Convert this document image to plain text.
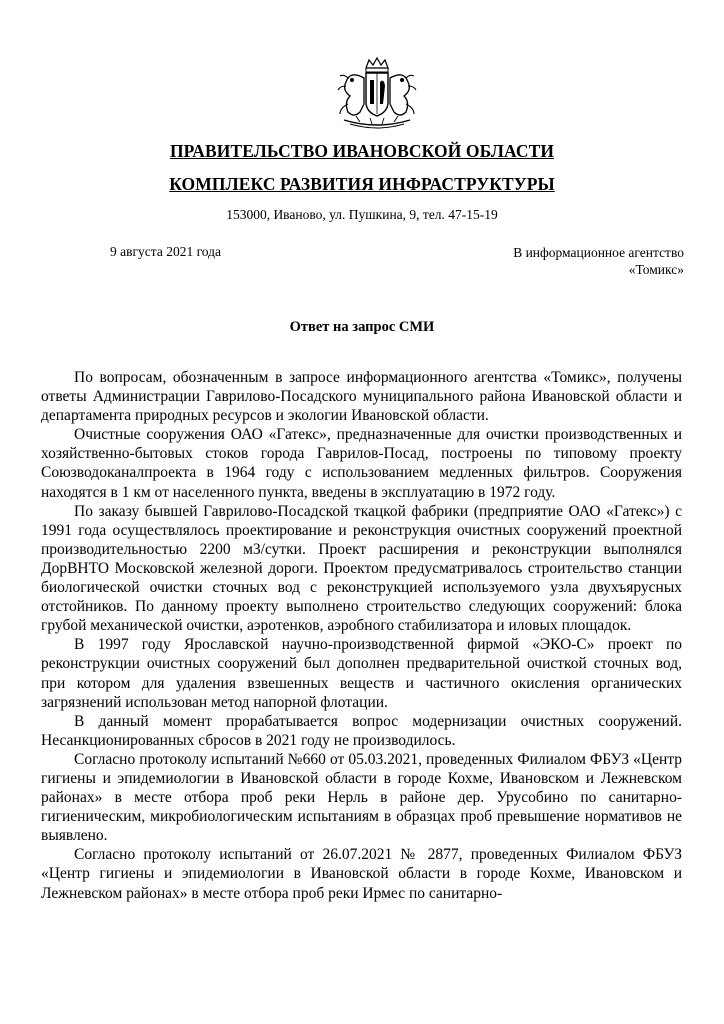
ПРАВИТЕЛЬСТВО ИВАНОВСКОЙ ОБЛАСТИ
КОМПЛЕКС РАЗВИТИЯ ИНФРАСТРУКТУРЫ
153000, Иваново, ул. Пушкина, 9, тел. 47-15-19
9 августа 2021 года	В информационное агентство
«Томикс»
Ответ на запрос СМИ

По вопросам, обозначенным в запросе информационного агентства «Томикс», получены ответы Администрации Гаврилово-Посадского муниципального района Ивановской области и департамента природных ресурсов и экологии Ивановской области.

Очистные сооружения ОАО «Гатекс», предназначенные для очистки производственных и хозяйственно-бытовых стоков города Гаврилов-Посад, построены по типовому проекту Союзводоканалпроекта в 1964 году с использованием медленных фильтров. Сооружения находятся в 1 км от населенного пункта, введены в эксплуатацию в 1972 году.

По заказу бывшей Гаврилово-Посадской ткацкой фабрики (предприятие ОАО «Гатекс») с 1991 года осуществлялось проектирование и реконструкция очистных сооружений проектной производительностью 2200 м3/сутки. Проект расширения и реконструкции выполнялся ДорВНТО Московской железной дороги. Проектом предусматривалось строительство станции биологической очистки сточных вод с реконструкцией используемого узла двухъярусных отстойников. По данному проекту выполнено строительство следующих сооружений: блока грубой механической очистки, аэротенков, аэробного стабилизатора и иловых площадок.

В 1997 году Ярославской научно-производственной фирмой «ЭКО-С» проект по реконструкции очистных сооружений был дополнен предварительной очисткой сточных вод, при котором для удаления взвешенных веществ и частичного окисления органических загрязнений использован метод напорной флотации.

В данный момент прорабатывается вопрос модернизации очистных сооружений. Несанкционированных сбросов в 2021 году не производилось.

Согласно протоколу испытаний №660 от 05.03.2021, проведенных Филиалом ФБУЗ «Центр гигиены и эпидемиологии в Ивановской области в городе Кохме, Ивановском и Лежневском районах» в месте отбора проб реки Нерль в районе дер. Урусобино по санитарно-гигиеническим, микробиологическим испытаниям в образцах проб превышение нормативов не выявлено.

Согласно протоколу испытаний от 26.07.2021 № 2877, проведенных Филиалом ФБУЗ «Центр гигиены и эпидемиологии в Ивановской области в городе Кохме, Ивановском и Лежневском районах» в месте отбора проб реки Ирмес по санитарно-
